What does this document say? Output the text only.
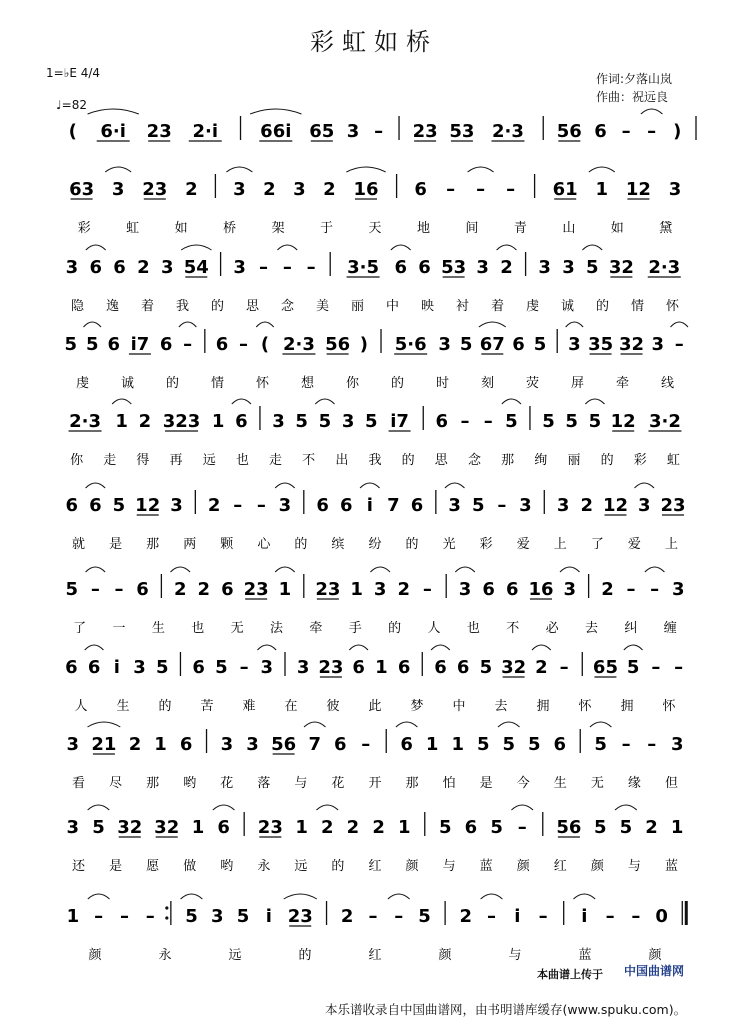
彩虹如桥
1=♭E 4/4
♩=82
作词:夕落山岚
作曲：祝远良
( 6·i 23 2·i 66i 65 3 – 23 53 2·3 56 6 – – )
63 3 23 2 3 2 3 2 16 6 – – – 61 1 12 3
彩	虹	如	桥	架	于	天	地	间	青	山	如	黛
3 6 6 2 3 54 3 – – – 3·5 6 6 53 3 2 3 3 5 32 2·3
隐 逸 着 我 的 思 念 美 丽 中 映 衬 着 虔 诚 的 情 怀
5 5 6 i7 6 – 6 – ( 2·3 56 ) 5·6 3 5 67 6 5 3 35 32 3 –
虔 诚 的 情 怀 想 你 的 时 刻 荧 屏 牵 线
2·3 1 2 323 1 6 3 5 5 3 5 i7 6 – – 5 5 5 5 12 3·2
你 走 得 再 远 也 走 不 出 我 的 思 念 那 绚 丽 的 彩 虹
6 6 5 12 3 2 – – 3 6 6 i 7 6 3 5 – 3 3 2 12 3 23
就 是 那 两 颗 心 的 缤 纷 的 光 彩 爱 上 了 爱 上
5 – – 6 2 2 6 23 1 23 1 3 2 – 3 6 6 16 3 2 – – 3
了 一 生 也 无 法 牵 手 的 人 也 不 必 去 纠 缠
6 6 i 3 5 6 5 – 3 3 23 6 1 6 6 6 5 32 2 – 65 5 – –
人 生 的 苦 难 在 彼 此 梦 中 去 拥 怀 拥 怀
3 21 2 1 6 3 3 56 7 6 – 6 1 1 5 5 5 6 5 – – 3
看 尽 那 哟 花 落 与 花 开 那 怕 是 今 生 无 缘 但
3 5 32 32 1 6 23 1 2 2 2 1 5 6 5 – 56 5 5 2 1
还 是 愿 做 哟 永 远 的 红 颜 与 蓝 颜 红 颜 与 蓝
1 – – – 5 3 5 i 23 2 – – 5 2 – i – i – – 0
颜	永	远	的	红	颜	与	蓝	颜
本曲谱上传于 中国曲谱网
本乐谱收录自中国曲谱网，由书明谱库缓存(www.spuku.com)。
